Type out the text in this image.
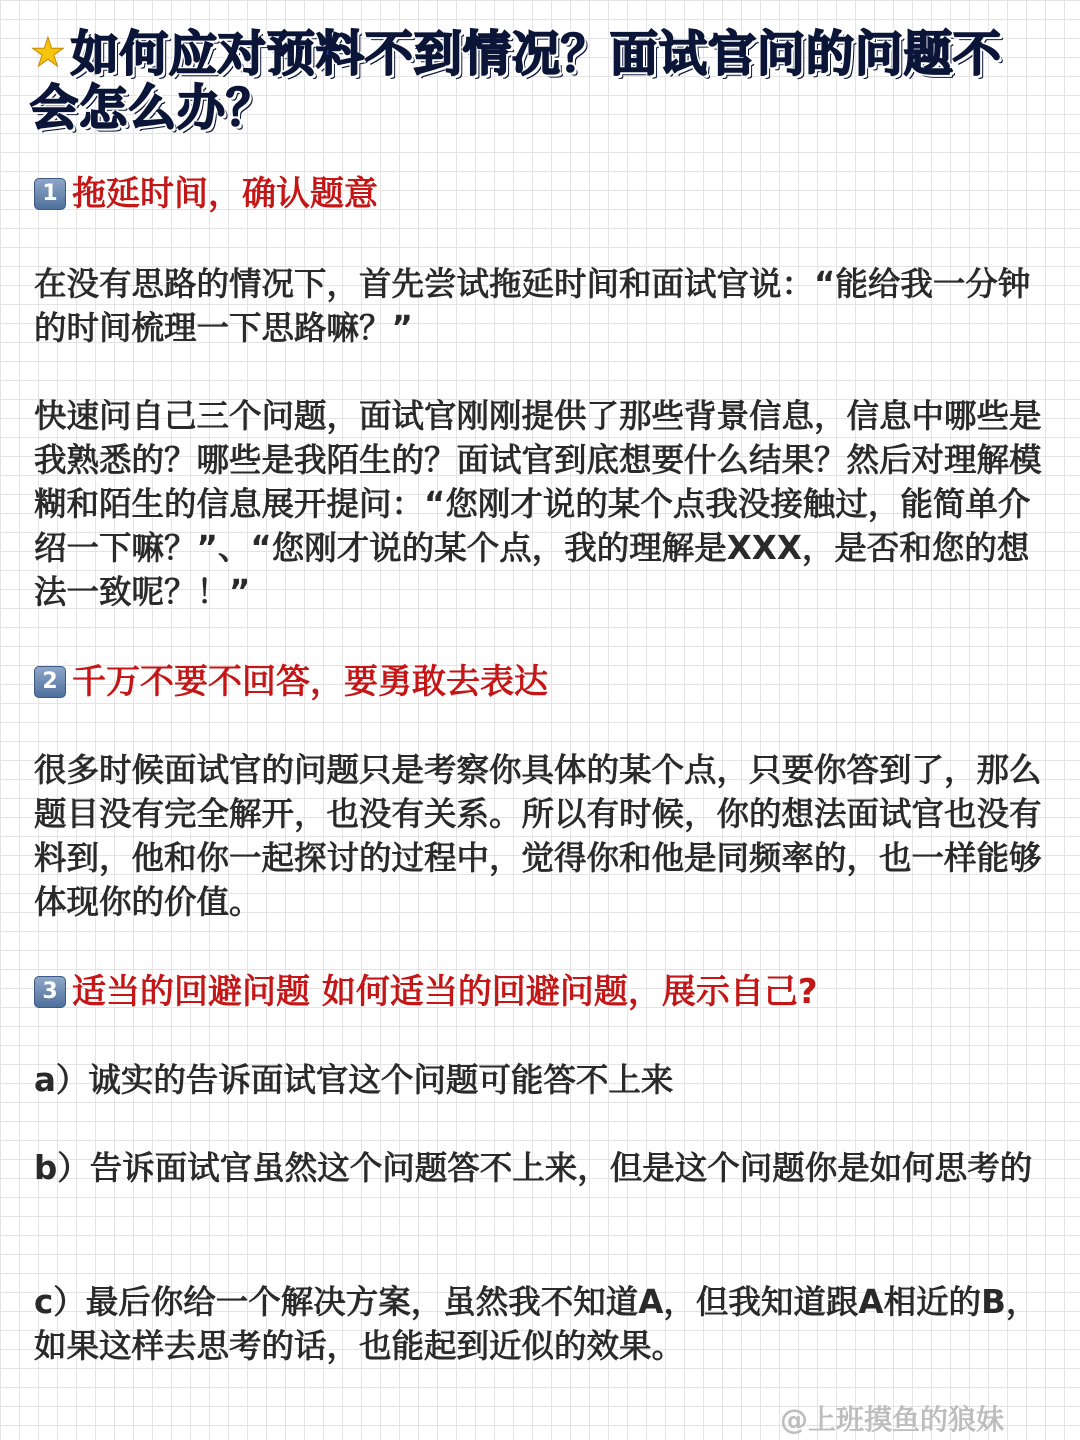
★如何应对预料不到情况？面试官问的问题不会怎么办？
1 拖延时间，确认题意

在没有思路的情况下，首先尝试拖延时间和面试官说：“能给我一分钟的时间梳理一下思路嘛？”

快速问自己三个问题，面试官刚刚提供了那些背景信息，信息中哪些是我熟悉的？哪些是我陌生的？面试官到底想要什么结果？然后对理解模糊和陌生的信息展开提问：“您刚才说的某个点我没接触过，能简单介绍一下嘛？”、“您刚才说的某个点，我的理解是XXX，是否和您的想法一致呢？！”

2 千万不要不回答，要勇敢去表达

很多时候面试官的问题只是考察你具体的某个点，只要你答到了，那么题目没有完全解开，也没有关系。所以有时候，你的想法面试官也没有料到，他和你一起探讨的过程中，觉得你和他是同频率的，也一样能够体现你的价值。

3 适当的回避问题 如何适当的回避问题，展示自己?

a）诚实的告诉面试官这个问题可能答不上来

b）告诉面试官虽然这个问题答不上来，但是这个问题你是如何思考的

c）最后你给一个解决方案，虽然我不知道A，但我知道跟A相近的B，如果这样去思考的话，也能起到近似的效果。

@上班摸鱼的狼妹
